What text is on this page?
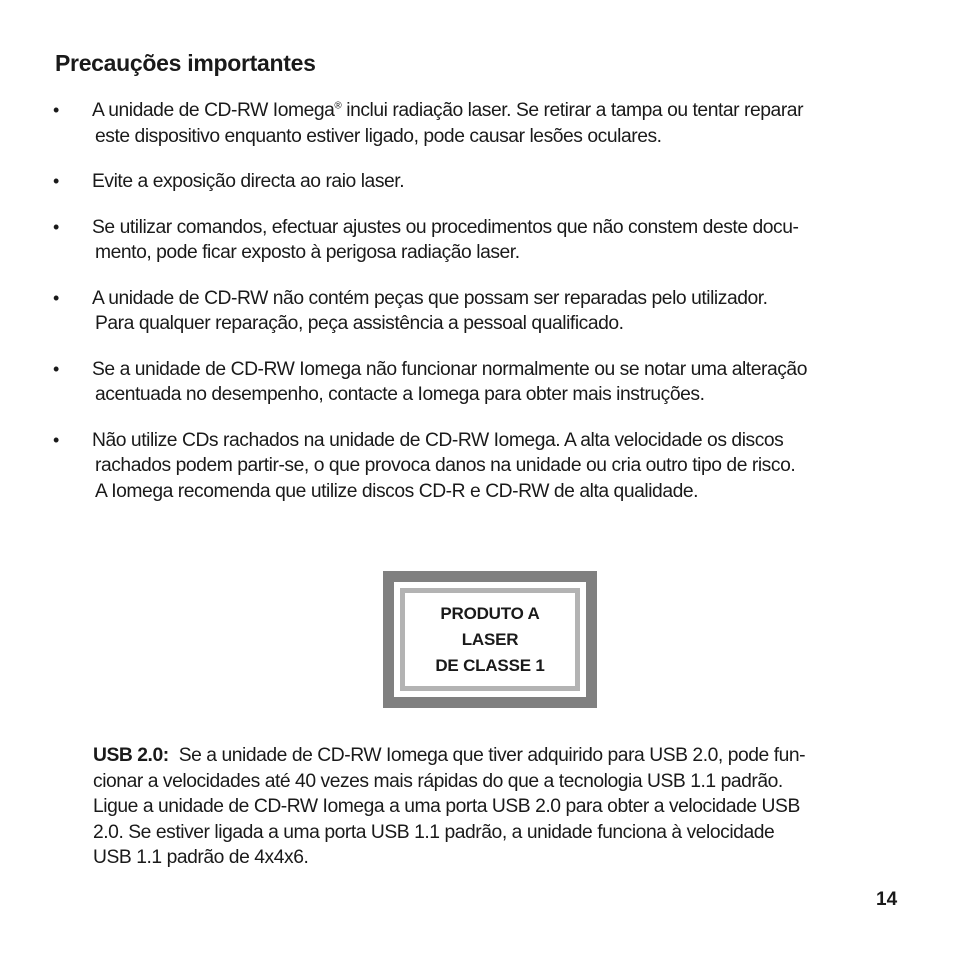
Precauções importantes
• A unidade de CD-RW Iomega® inclui radiação laser. Se retirar a tampa ou tentar reparar
este dispositivo enquanto estiver ligado, pode causar lesões oculares.
• Evite a exposição directa ao raio laser.
• Se utilizar comandos, efectuar ajustes ou procedimentos que não constem deste docu-
mento, pode ficar exposto à perigosa radiação laser.
• A unidade de CD-RW não contém peças que possam ser reparadas pelo utilizador.
Para qualquer reparação, peça assistência a pessoal qualificado.
• Se a unidade de CD-RW Iomega não funcionar normalmente ou se notar uma alteração
acentuada no desempenho, contacte a Iomega para obter mais instruções.
• Não utilize CDs rachados na unidade de CD-RW Iomega. A alta velocidade os discos
rachados podem partir-se, o que provoca danos na unidade ou cria outro tipo de risco.
A Iomega recomenda que utilize discos CD-R e CD-RW de alta qualidade.
PRODUTO A
LASER
DE CLASSE 1
USB 2.0: Se a unidade de CD-RW Iomega que tiver adquirido para USB 2.0, pode fun-
cionar a velocidades até 40 vezes mais rápidas do que a tecnologia USB 1.1 padrão.
Ligue a unidade de CD-RW Iomega a uma porta USB 2.0 para obter a velocidade USB
2.0. Se estiver ligada a uma porta USB 1.1 padrão, a unidade funciona à velocidade
USB 1.1 padrão de 4x4x6.
14
